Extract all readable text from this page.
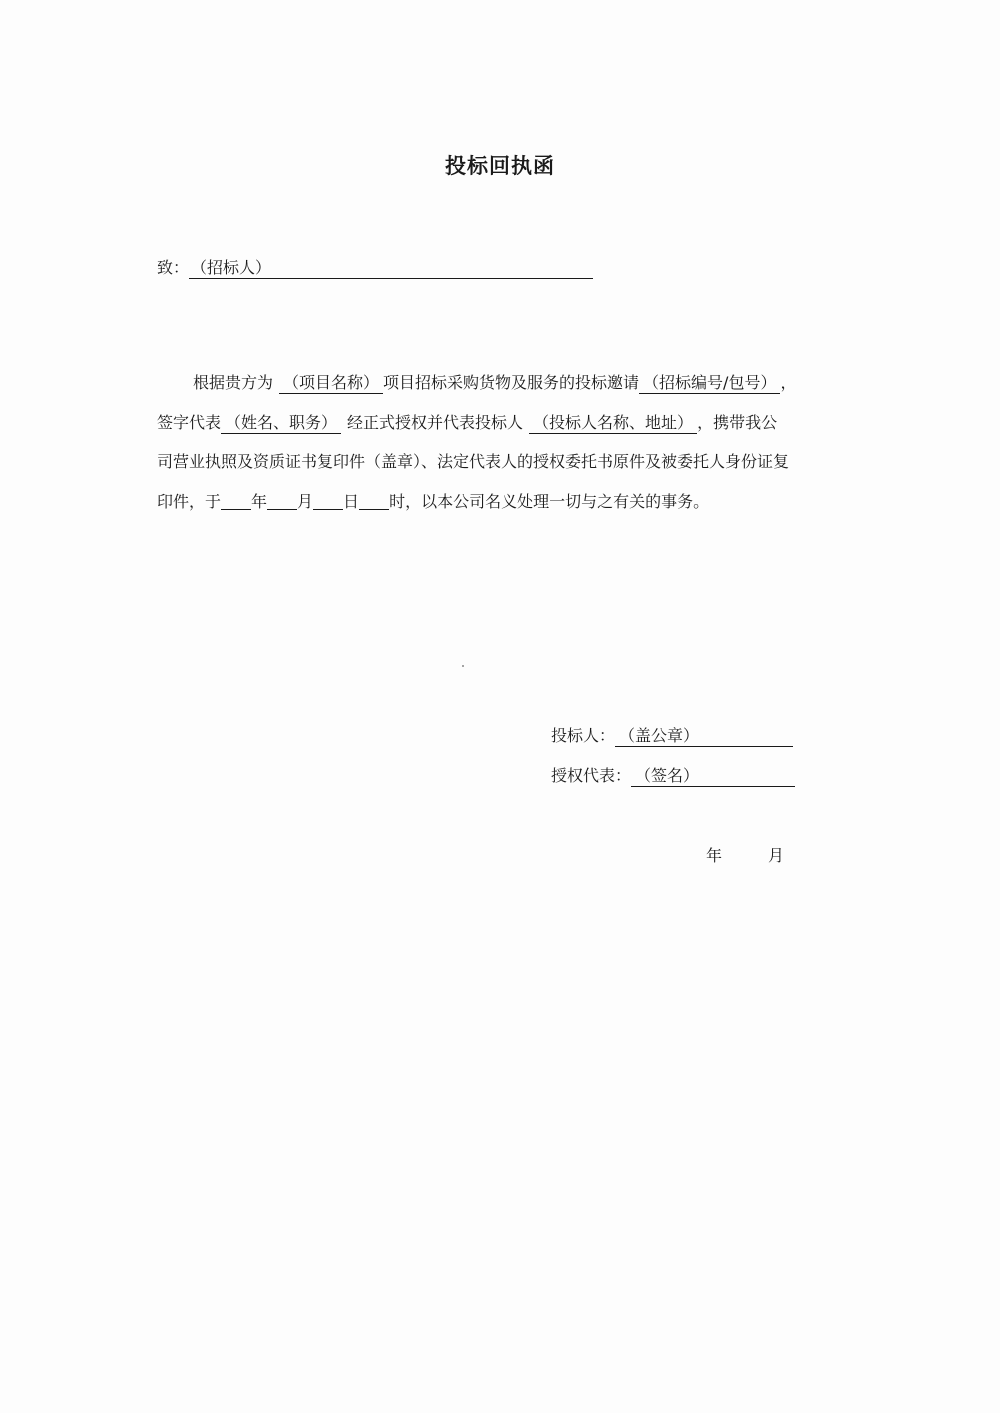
投标回执函
致： （招标人）
根据贵方为 （项目名称） 项目招标采购货物及服务的投标邀请 （招标编号/包号） ，
签字代表 （姓名、职务） 经正式授权并代表投标人 （投标人名称、地址） ，携带我公
司营业执照及资质证书复印件（盖章）、法定代表人的授权委托书原件及被委托人身份证复
印件，于 年 月 日 时，以本公司名义处理一切与之有关的事务。
投标人： （盖公章）
授权代表： （签名）
年	月
